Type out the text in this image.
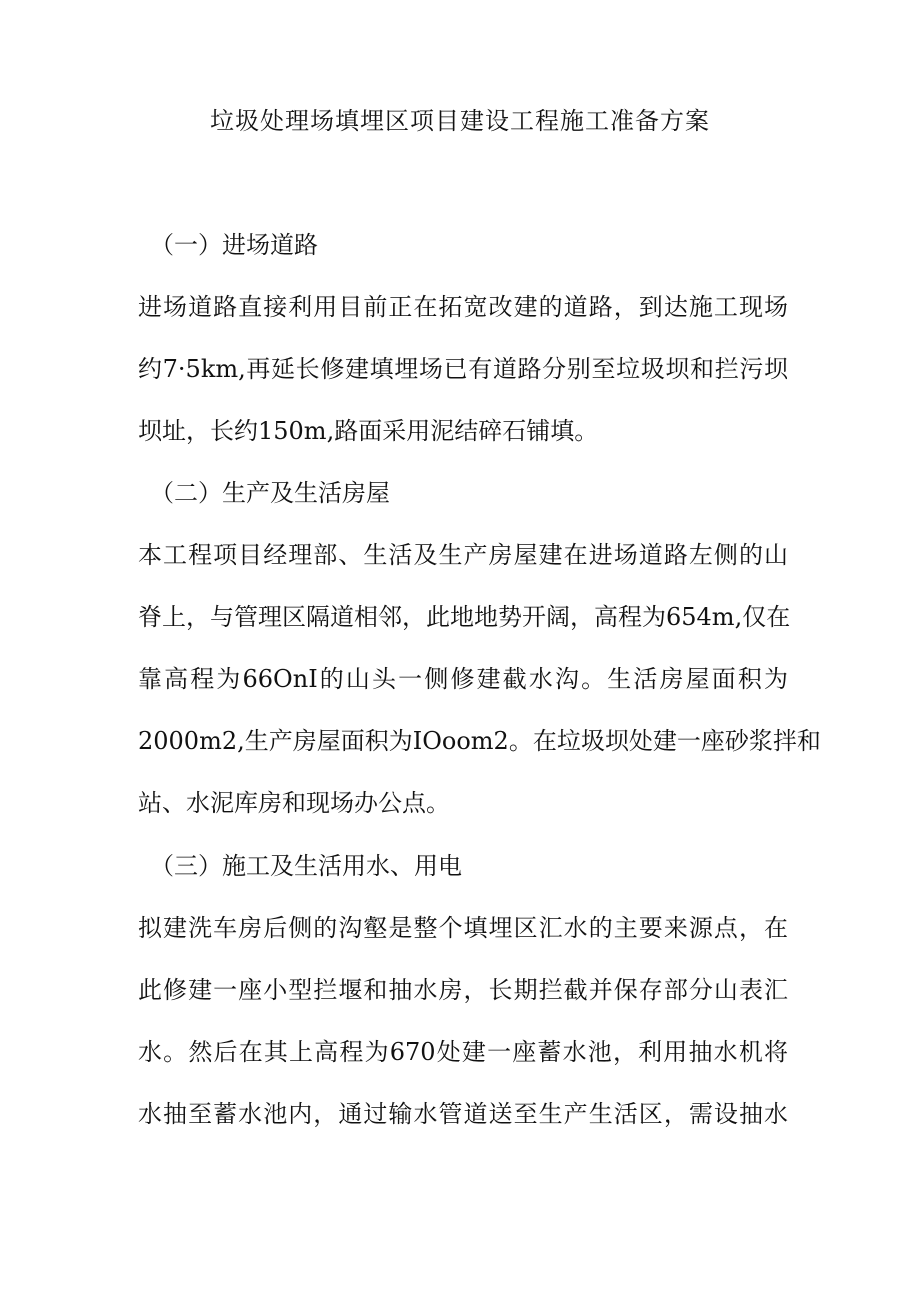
垃圾处理场填埋区项目建设工程施工准备方案
（一）进场道路
进场道路直接利用目前正在拓宽改建的道路，到达施工现场
约7·5km,再延长修建填埋场已有道路分别至垃圾坝和拦污坝
坝址，长约150m,路面采用泥结碎石铺填。
（二）生产及生活房屋
本工程项目经理部、生活及生产房屋建在进场道路左侧的山
脊上，与管理区隔道相邻，此地地势开阔，高程为654m,仅在
靠高程为66OnI的山头一侧修建截水沟。生活房屋面积为
2000m2,生产房屋面积为IOoom2。在垃圾坝处建一座砂浆拌和
站、水泥库房和现场办公点。
（三）施工及生活用水、用电
拟建洗车房后侧的沟壑是整个填埋区汇水的主要来源点，在
此修建一座小型拦堰和抽水房，长期拦截并保存部分山表汇
水。然后在其上高程为670处建一座蓄水池，利用抽水机将
水抽至蓄水池内，通过输水管道送至生产生活区，需设抽水
